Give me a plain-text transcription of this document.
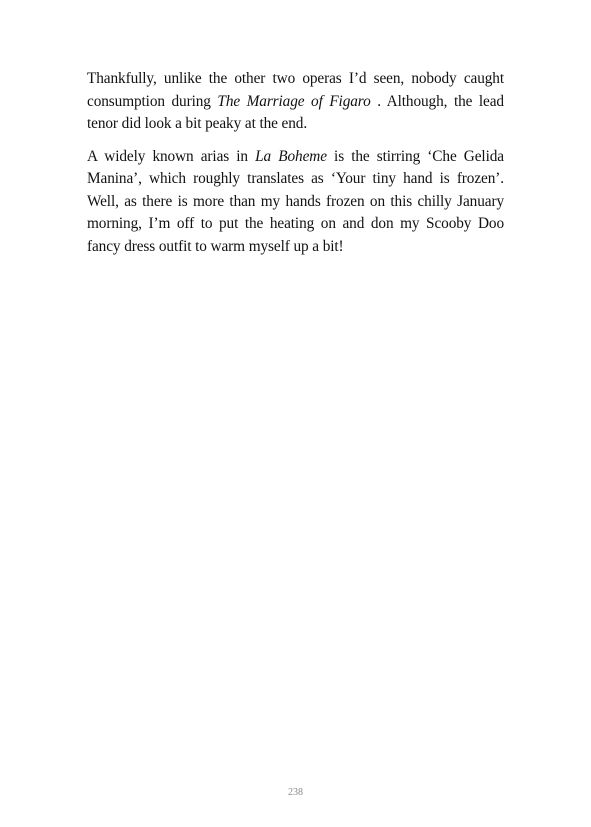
Thankfully, unlike the other two operas I’d seen, nobody caught consumption during The Marriage of Figaro . Although, the lead tenor did look a bit peaky at the end.

A widely known arias in La Boheme is the stirring ‘Che Gelida Manina’, which roughly translates as ‘Your tiny hand is frozen’. Well, as there is more than my hands frozen on this chilly January morning, I’m off to put the heating on and don my Scooby Doo fancy dress outfit to warm myself up a bit!

238
